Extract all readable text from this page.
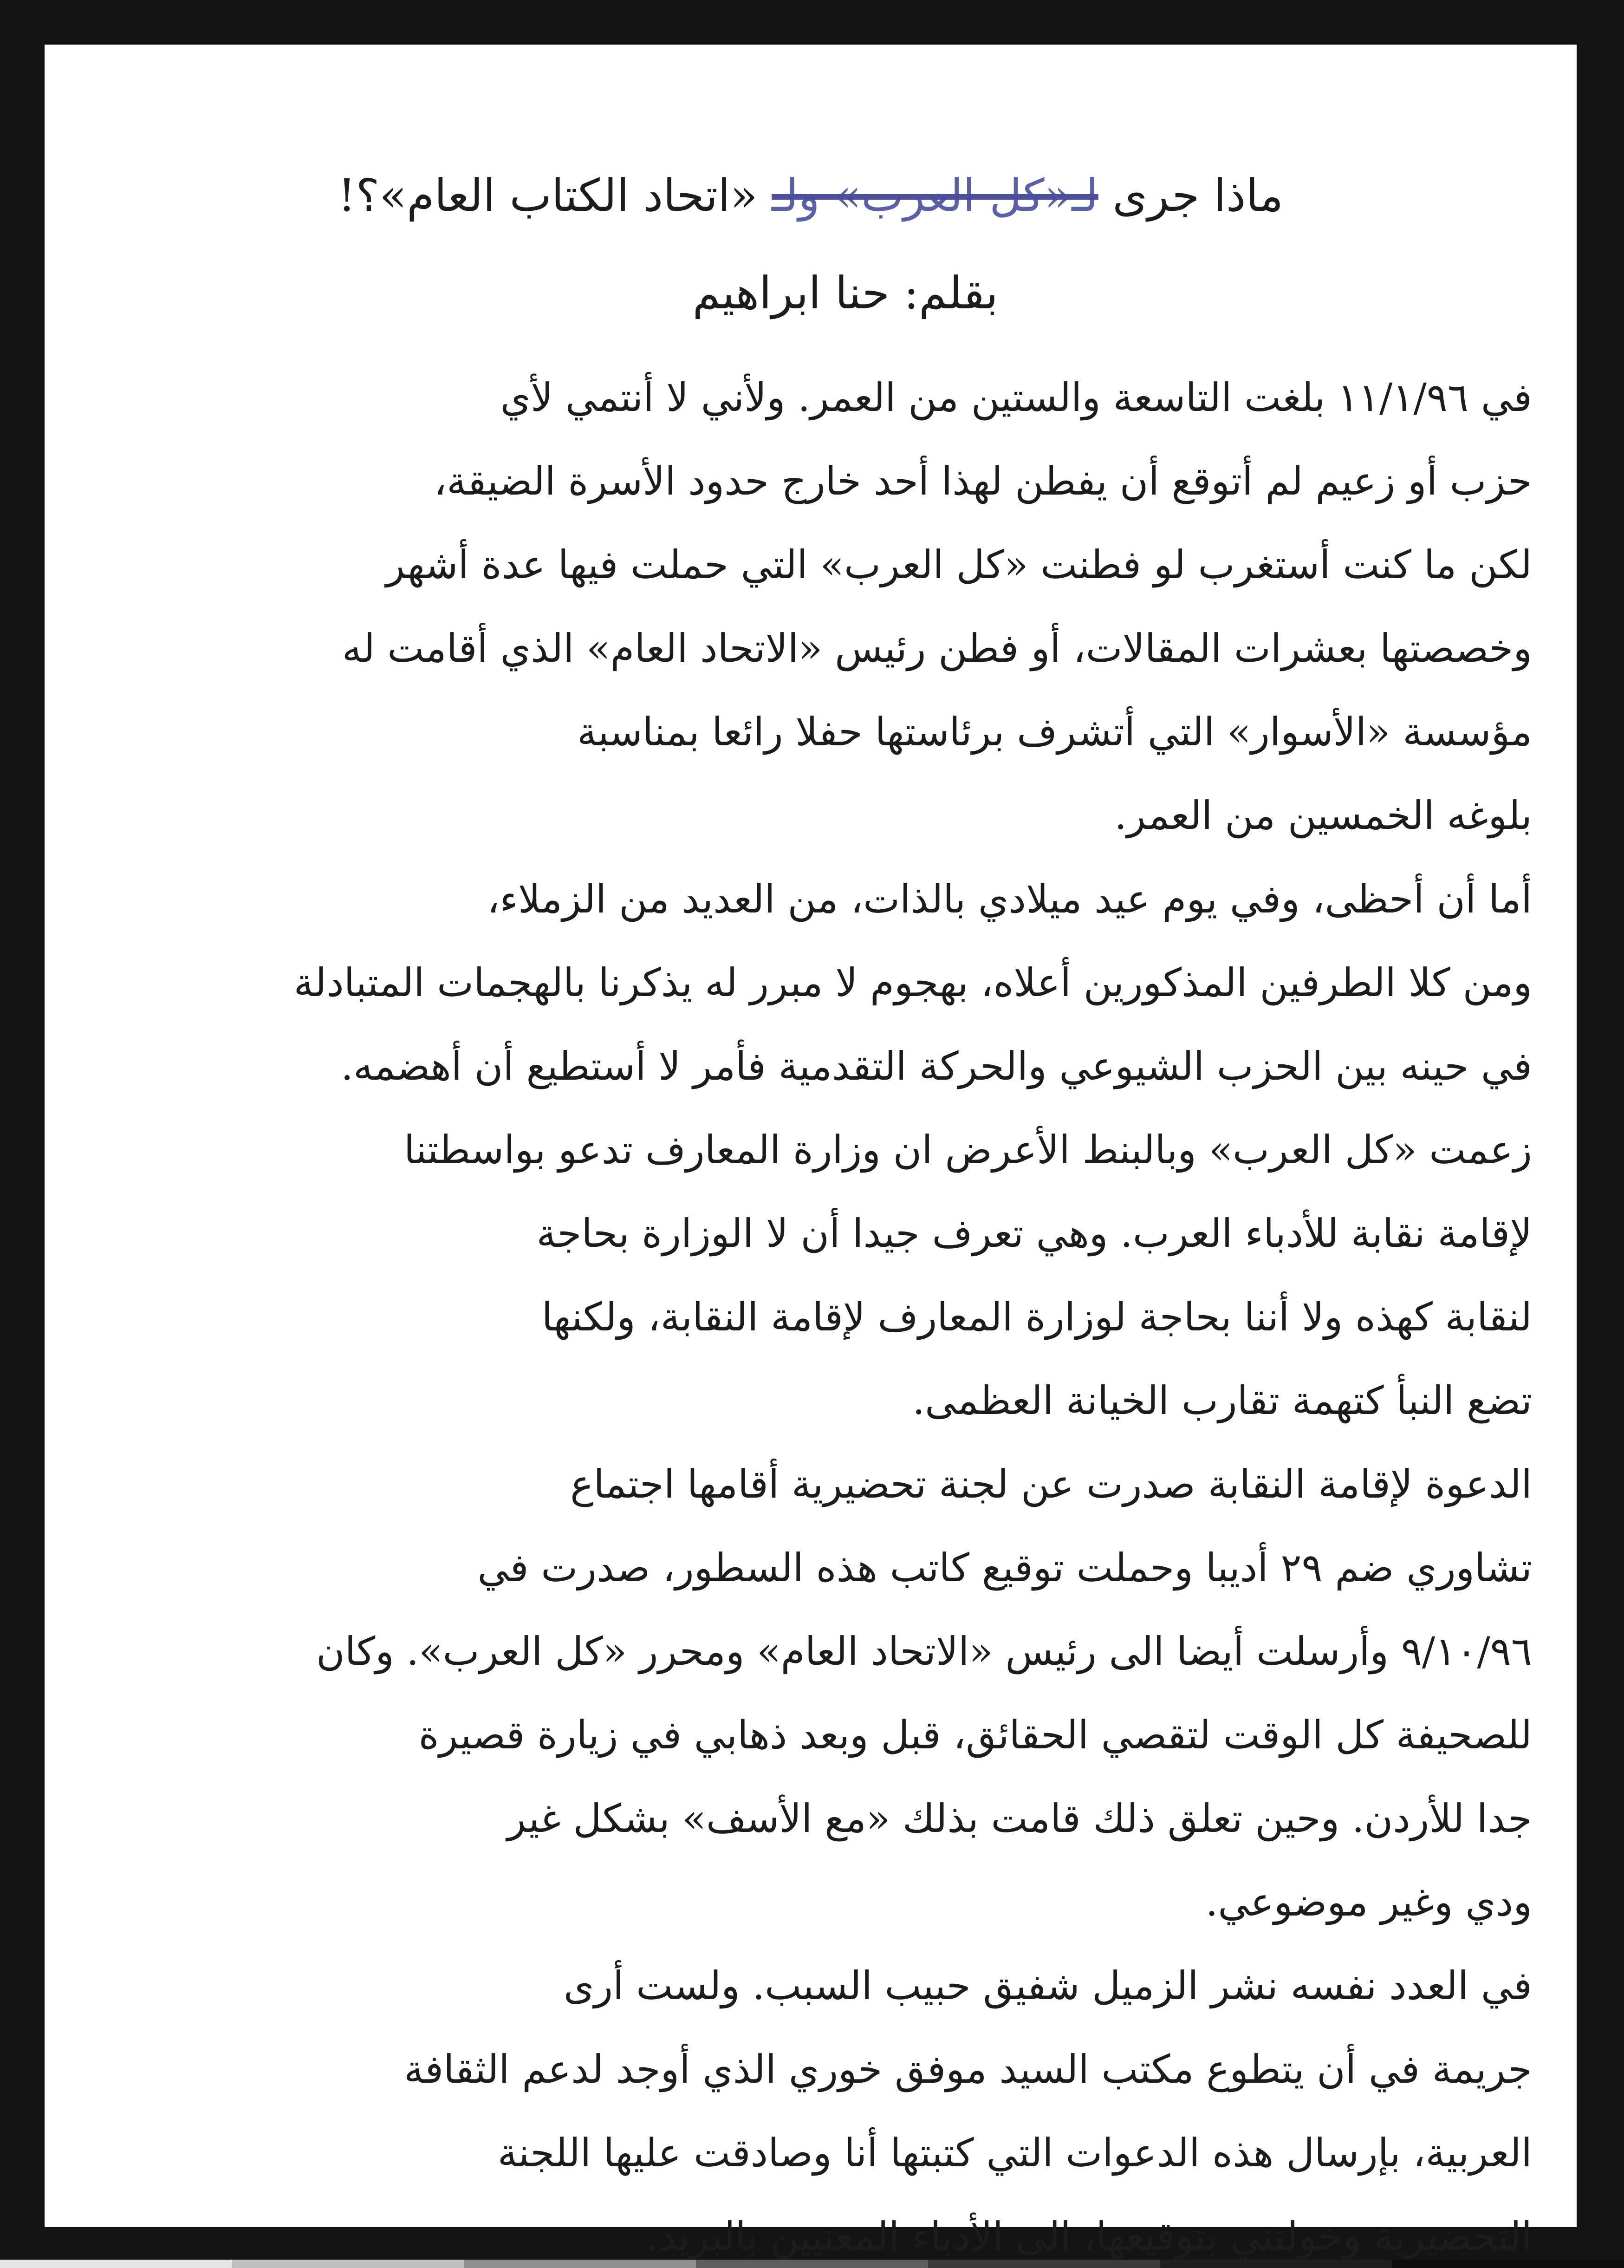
ماذا جرى لـ«كل العرب» ولـ «اتحاد الكتاب العام»؟!
بقلم: حنا ابراهيم
في ١١/١/٩٦ بلغت التاسعة والستين من العمر. ولأني لا أنتمي لأي
حزب أو زعيم لم أتوقع أن يفطن لهذا أحد خارج حدود الأسرة الضيقة،
لكن ما كنت أستغرب لو فطنت «كل العرب» التي حملت فيها عدة أشهر
وخصصتها بعشرات المقالات، أو فطن رئيس «الاتحاد العام» الذي أقامت له
مؤسسة «الأسوار» التي أتشرف برئاستها حفلا رائعا بمناسبة
بلوغه الخمسين من العمر.
أما أن أحظى، وفي يوم عيد ميلادي بالذات، من العديد من الزملاء،
ومن كلا الطرفين المذكورين أعلاه، بهجوم لا مبرر له يذكرنا بالهجمات المتبادلة
في حينه بين الحزب الشيوعي والحركة التقدمية فأمر لا أستطيع أن أهضمه.
زعمت «كل العرب» وبالبنط الأعرض ان وزارة المعارف تدعو بواسطتنا
لإقامة نقابة للأدباء العرب. وهي تعرف جيدا أن لا الوزارة بحاجة
لنقابة كهذه ولا أننا بحاجة لوزارة المعارف لإقامة النقابة، ولكنها
تضع النبأ كتهمة تقارب الخيانة العظمى.
الدعوة لإقامة النقابة صدرت عن لجنة تحضيرية أقامها اجتماع
تشاوري ضم ٢٩ أديبا وحملت توقيع كاتب هذه السطور، صدرت في
٩/١٠/٩٦ وأرسلت أيضا الى رئيس «الاتحاد العام» ومحرر «كل العرب». وكان
للصحيفة كل الوقت لتقصي الحقائق، قبل وبعد ذهابي في زيارة قصيرة
جدا للأردن. وحين تعلق ذلك قامت بذلك «مع الأسف» بشكل غير
ودي وغير موضوعي.
في العدد نفسه نشر الزميل شفيق حبيب السبب. ولست أرى
جريمة في أن يتطوع مكتب السيد موفق خوري الذي أوجد لدعم الثقافة
العربية، بإرسال هذه الدعوات التي كتبتها أنا وصادقت عليها اللجنة
التحضيرية وخولتني بتوقيعها، الى الأدباء المعنيين بالبريد.
